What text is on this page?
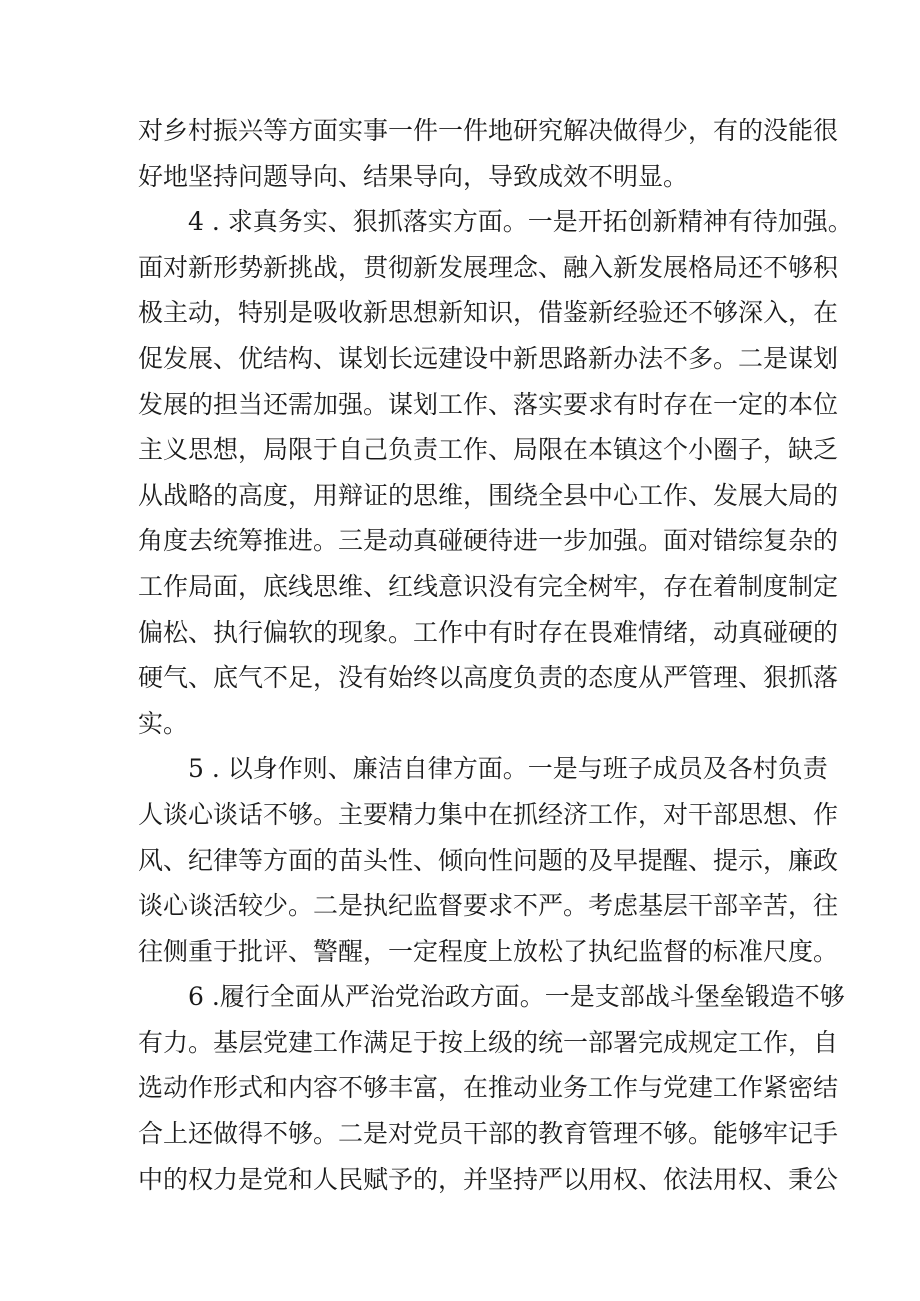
对乡村振兴等方面实事一件一件地研究解决做得少，有的没能很
好地坚持问题导向、结果导向，导致成效不明显。
4 . 求真务实、狠抓落实方面。一是开拓创新精神有待加强。
面对新形势新挑战，贯彻新发展理念、融入新发展格局还不够积
极主动，特别是吸收新思想新知识，借鉴新经验还不够深入，在
促发展、优结构、谋划长远建设中新思路新办法不多。二是谋划
发展的担当还需加强。谋划工作、落实要求有时存在一定的本位
主义思想，局限于自己负责工作、局限在本镇这个小圈子，缺乏
从战略的高度，用辩证的思维，围绕全县中心工作、发展大局的
角度去统筹推进。三是动真碰硬待进一步加强。面对错综复杂的
工作局面，底线思维、红线意识没有完全树牢，存在着制度制定
偏松、执行偏软的现象。工作中有时存在畏难情绪，动真碰硬的
硬气、底气不足，没有始终以高度负责的态度从严管理、狠抓落
实。
5 . 以身作则、廉洁自律方面。一是与班子成员及各村负责
人谈心谈话不够。主要精力集中在抓经济工作，对干部思想、作
风、纪律等方面的苗头性、倾向性问题的及早提醒、提示，廉政
谈心谈活较少。二是执纪监督要求不严。考虑基层干部辛苦，往
往侧重于批评、警醒，一定程度上放松了执纪监督的标准尺度。
6 .履行全面从严治党治政方面。一是支部战斗堡垒锻造不够
有力。基层党建工作满足于按上级的统一部署完成规定工作，自
选动作形式和内容不够丰富，在推动业务工作与党建工作紧密结
合上还做得不够。二是对党员干部的教育管理不够。能够牢记手
中的权力是党和人民赋予的，并坚持严以用权、依法用权、秉公
